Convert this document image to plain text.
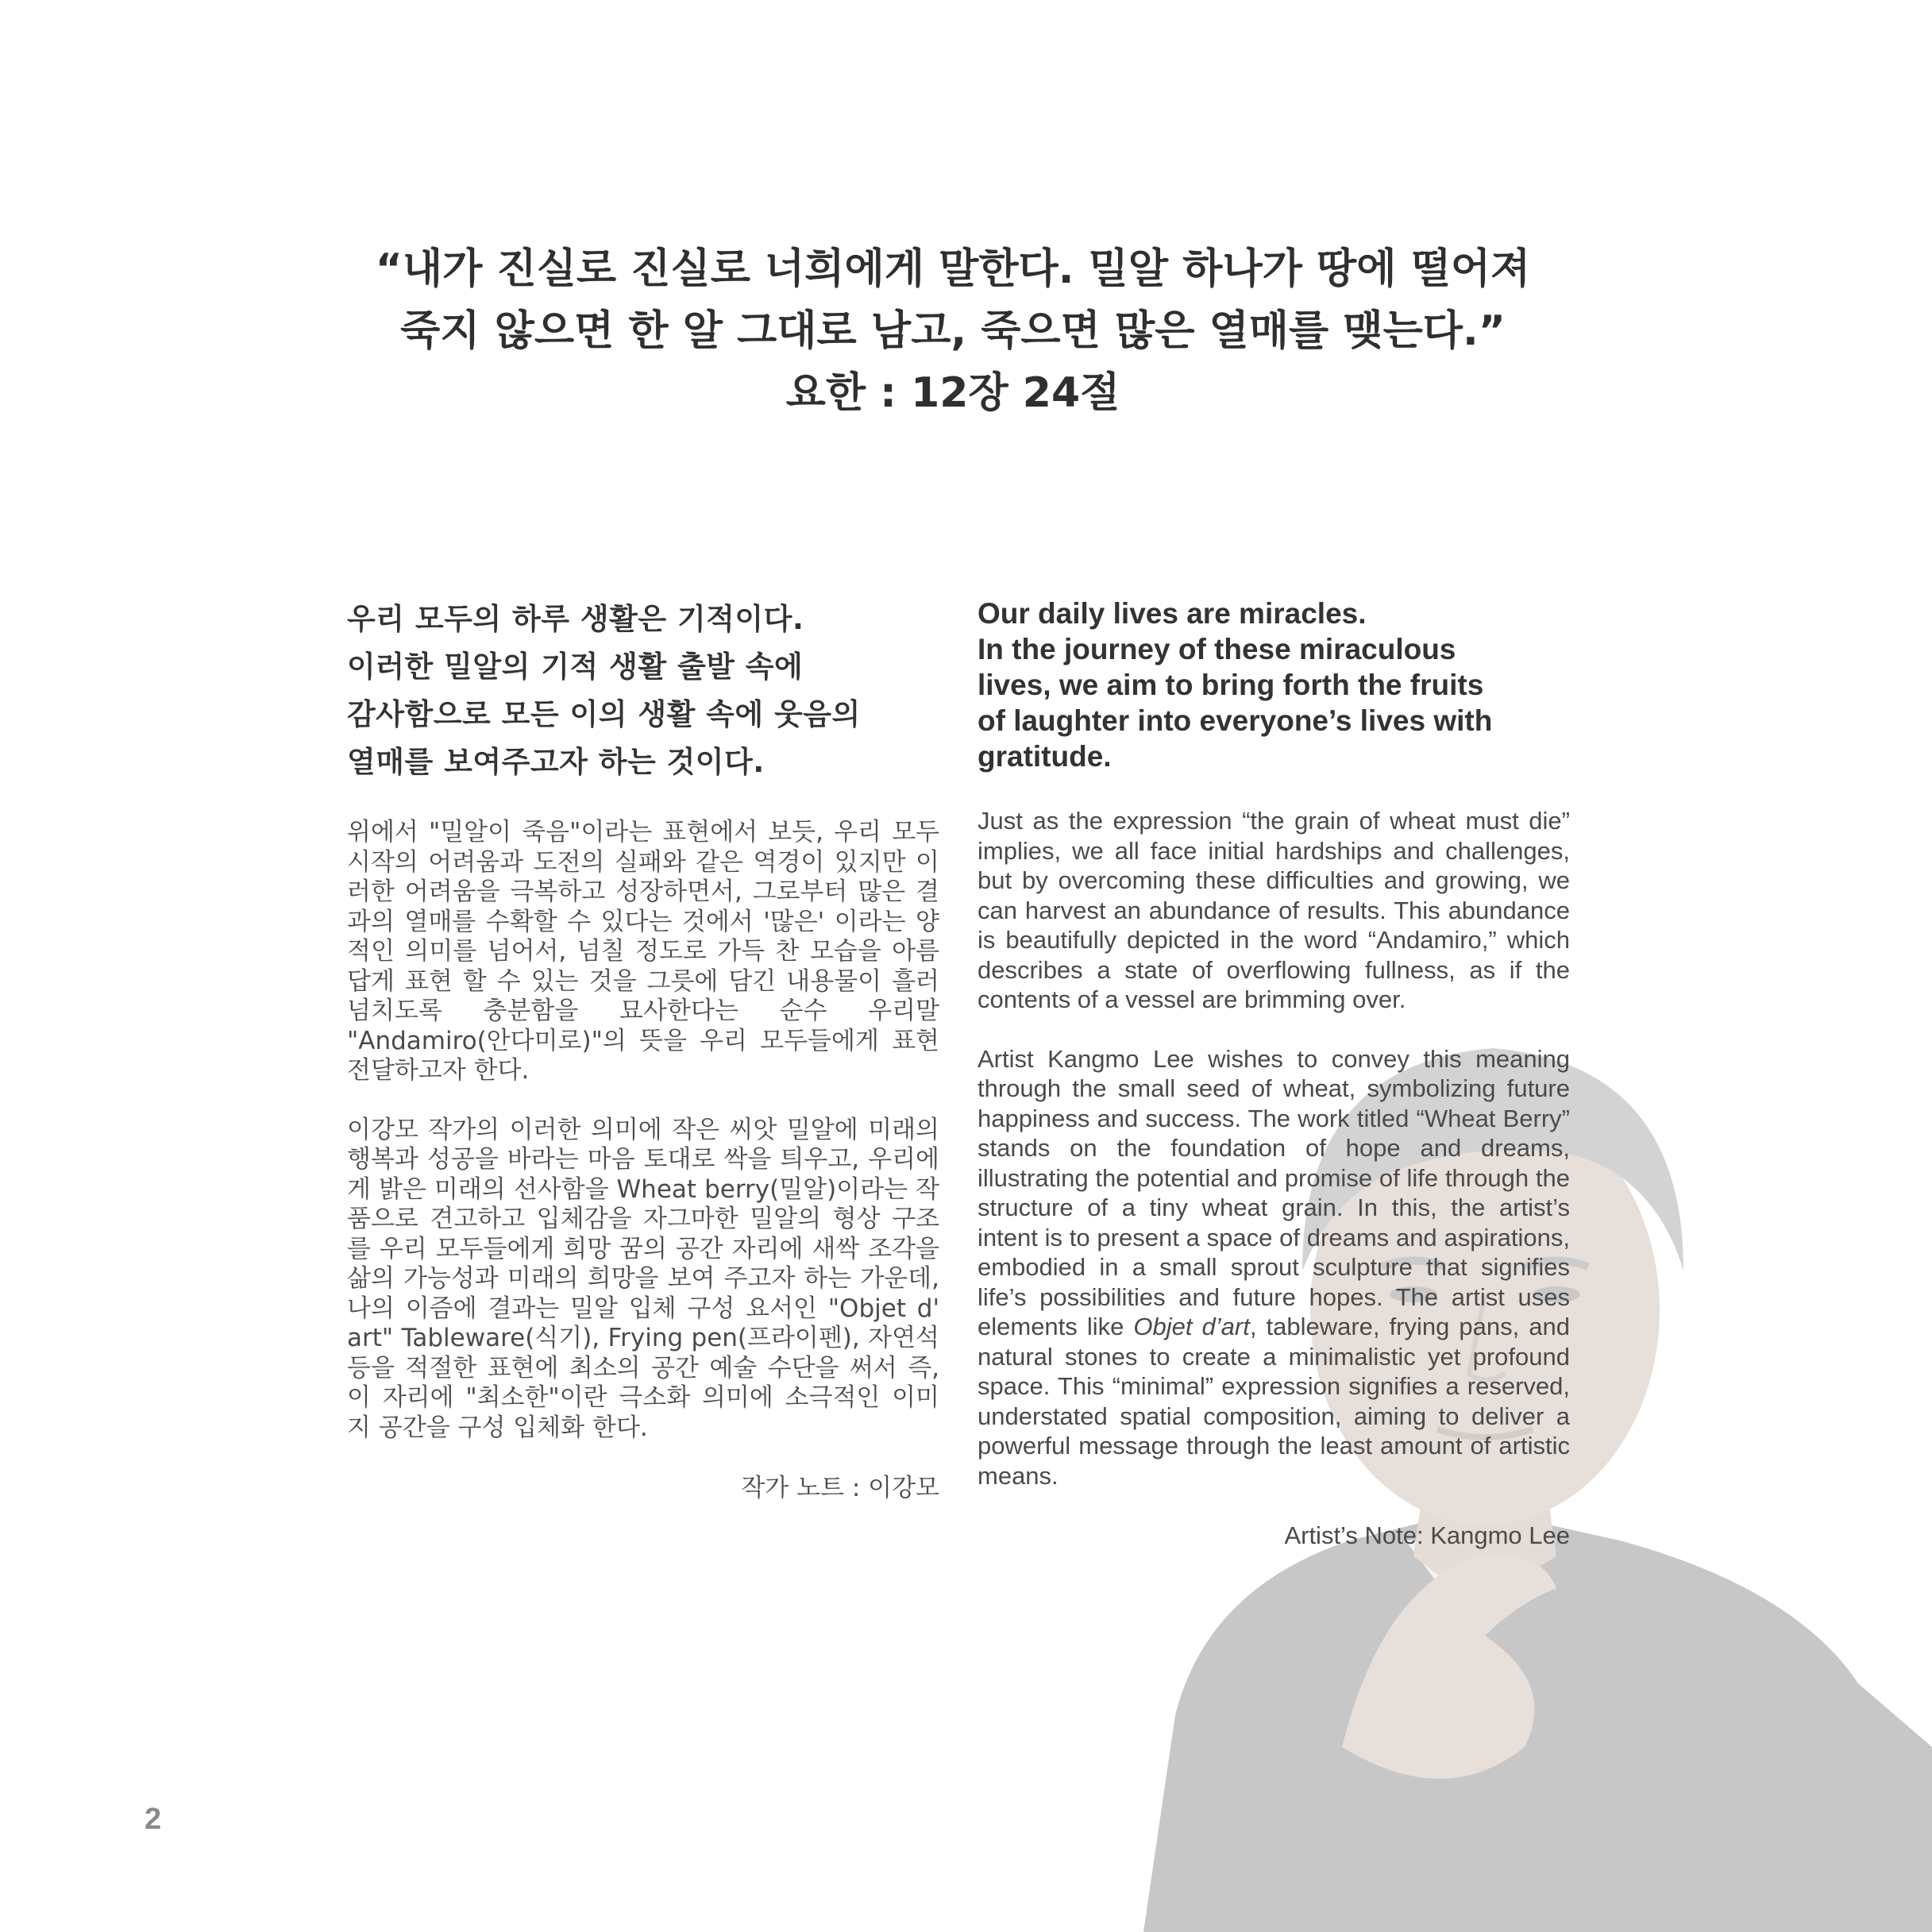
“내가 진실로 진실로 너희에게 말한다. 밀알 하나가 땅에 떨어져
죽지 않으면 한 알 그대로 남고, 죽으면 많은 열매를 맺는다.”
요한 : 12장 24절
우리 모두의 하루 생활은 기적이다.
이러한 밀알의 기적 생활 출발 속에
감사함으로 모든 이의 생활 속에 웃음의
열매를 보여주고자 하는 것이다.

위에서 "밀알이 죽음"이라는 표현에서 보듯, 우리 모두 시작의 어려움과 도전의 실패와 같은 역경이 있지만 이러한 어려움을 극복하고 성장하면서, 그로부터 많은 결과의 열매를 수확할 수 있다는 것에서 '많은' 이라는 양적인 의미를 넘어서, 넘칠 정도로 가득 찬 모습을 아름답게 표현 할 수 있는 것을 그릇에 담긴 내용물이 흘러넘치도록 충분함을 묘사한다는 순수 우리말 "Andamiro(안다미로)"의 뜻을 우리 모두들에게 표현 전달하고자 한다.

이강모 작가의 이러한 의미에 작은 씨앗 밀알에 미래의 행복과 성공을 바라는 마음 토대로 싹을 틔우고, 우리에게 밝은 미래의 선사함을 Wheat berry(밀알)이라는 작품으로 견고하고 입체감을 자그마한 밀알의 형상 구조를 우리 모두들에게 희망 꿈의 공간 자리에 새싹 조각을 삶의 가능성과 미래의 희망을 보여 주고자 하는 가운데, 나의 이즘에 결과는 밀알 입체 구성 요서인 "Objet d' art" Tableware(식기), Frying pen(프라이펜), 자연석 등을 적절한 표현에 최소의 공간 예술 수단을 써서 즉, 이 자리에 "최소한"이란 극소화 의미에 소극적인 이미지 공간을 구성 입체화 한다.

작가 노트 : 이강모
Our daily lives are miracles.
In the journey of these miraculous
lives, we aim to bring forth the fruits
of laughter into everyone’s lives with
gratitude.

Just as the expression “the grain of wheat must die” implies, we all face initial hardships and challenges, but by overcoming these difficulties and growing, we can harvest an abundance of results. This abundance is beautifully depicted in the word “Andamiro,” which describes a state of overflowing fullness, as if the contents of a vessel are brimming over.

Artist Kangmo Lee wishes to convey this meaning through the small seed of wheat, symbolizing future happiness and success. The work titled “Wheat Berry” stands on the foundation of hope and dreams, illustrating the potential and promise of life through the structure of a tiny wheat grain. In this, the artist’s intent is to present a space of dreams and aspirations, embodied in a small sprout sculpture that signifies life’s possibilities and future hopes. The artist uses elements like Objet d’art, tableware, frying pans, and natural stones to create a minimalistic yet profound space. This “minimal” expression signifies a reserved, understated spatial composition, aiming to deliver a powerful message through the least amount of artistic means.

Artist’s Note: Kangmo Lee
2
